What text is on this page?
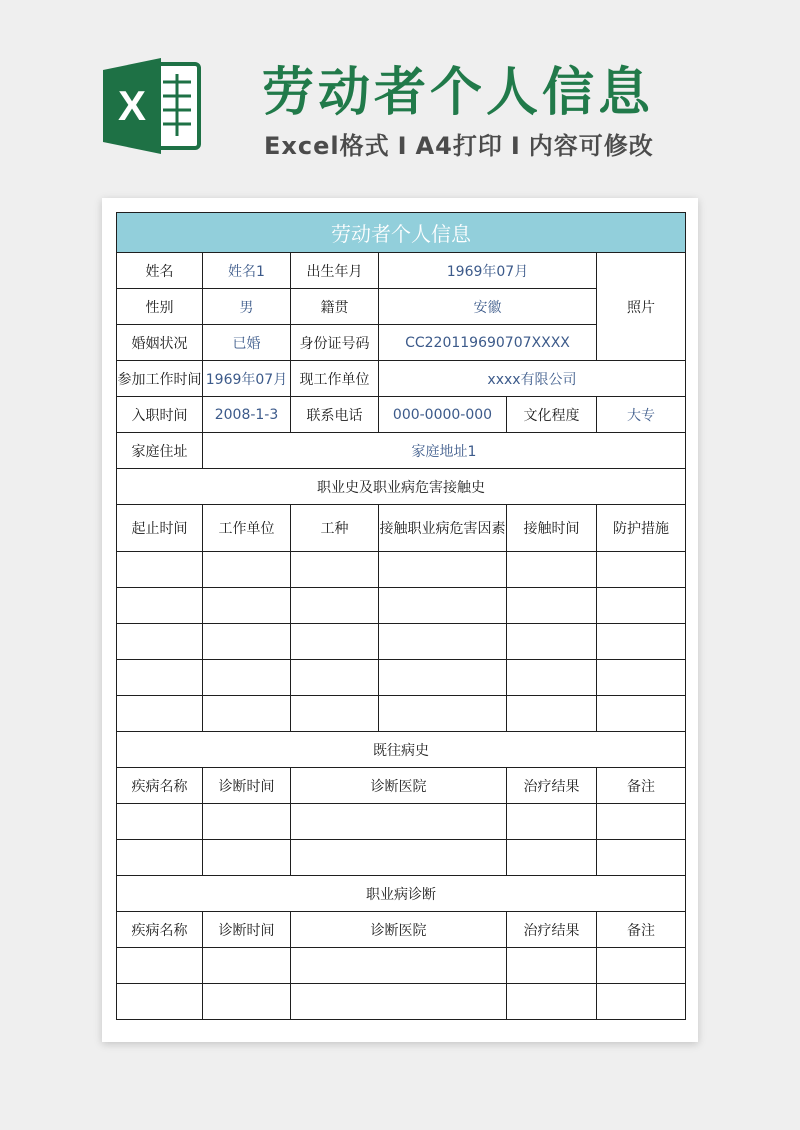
X 劳动者个人信息
Excel格式 I A4打印 I 内容可修改
劳动者个人信息					
姓名	姓名1	出生年月	1969年07月		照片
性别	男	籍贯	安徽		
婚姻状况	已婚	身份证号码	CC220119690707XXXX		
参加工作时间	1969年07月	现工作单位	xxxx有限公司		
入职时间	2008-1-3	联系电话	000-0000-000	文化程度	大专
家庭住址	家庭地址1				
职业史及职业病危害接触史					
起止时间	工作单位	工种	接触职业病危害因素	接触时间	防护措施

既往病史					
疾病名称	诊断时间	诊断医院		治疗结果	备注

职业病诊断					
疾病名称	诊断时间	诊断医院		治疗结果	备注
